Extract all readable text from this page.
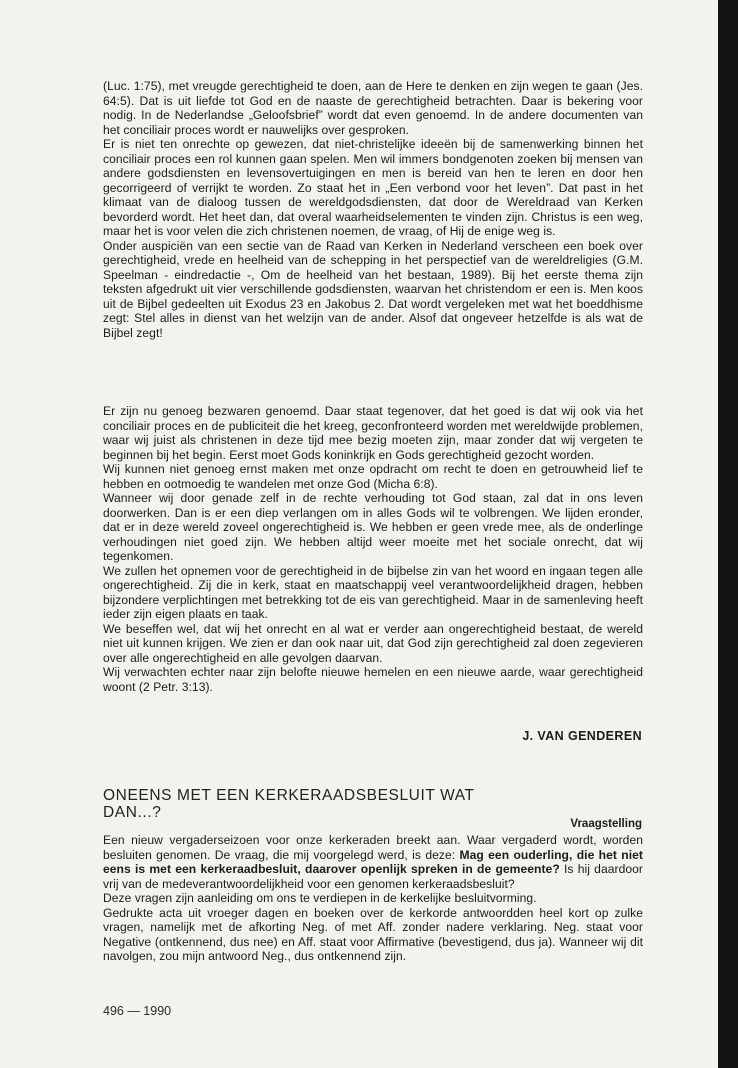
(Luc. 1:75), met vreugde gerechtigheid te doen, aan de Here te denken en zijn wegen te gaan (Jes. 64:5). Dat is uit liefde tot God en de naaste de gerechtigheid betrachten. Daar is bekering voor nodig. In de Nederlandse „Geloofsbrief” wordt dat even genoemd. In de andere documenten van het conciliair proces wordt er nauwelijks over gesproken.

Er is niet ten onrechte op gewezen, dat niet-christelijke ideeën bij de samenwerking binnen het conciliair proces een rol kunnen gaan spelen. Men wil immers bondgenoten zoeken bij mensen van andere godsdiensten en levensovertuigingen en men is bereid van hen te leren en door hen gecorrigeerd of verrijkt te worden. Zo staat het in „Een verbond voor het leven”. Dat past in het klimaat van de dialoog tussen de wereldgodsdiensten, dat door de Wereldraad van Kerken bevorderd wordt. Het heet dan, dat overal waarheidselementen te vinden zijn. Christus is een weg, maar het is voor velen die zich christenen noemen, de vraag, of Hij de enige weg is.

Onder auspiciën van een sectie van de Raad van Kerken in Nederland verscheen een boek over gerechtigheid, vrede en heelheid van de schepping in het perspectief van de wereldreligies (G.M. Speelman - eindredactie -, Om de heelheid van het bestaan, 1989). Bij het eerste thema zijn teksten afgedrukt uit vier verschillende godsdiensten, waarvan het christendom er een is. Men koos uit de Bijbel gedeelten uit Exodus 23 en Jakobus 2. Dat wordt vergeleken met wat het boeddhisme zegt: Stel alles in dienst van het welzijn van de ander. Alsof dat ongeveer hetzelfde is als wat de Bijbel zegt!

Er zijn nu genoeg bezwaren genoemd. Daar staat tegenover, dat het goed is dat wij ook via het conciliair proces en de publiciteit die het kreeg, geconfronteerd worden met wereldwijde problemen, waar wij juist als christenen in deze tijd mee bezig moeten zijn, maar zonder dat wij vergeten te beginnen bij het begin. Eerst moet Gods koninkrijk en Gods gerechtigheid gezocht worden.

Wij kunnen niet genoeg ernst maken met onze opdracht om recht te doen en getrouwheid lief te hebben en ootmoedig te wandelen met onze God (Micha 6:8).

Wanneer wij door genade zelf in de rechte verhouding tot God staan, zal dat in ons leven doorwerken. Dan is er een diep verlangen om in alles Gods wil te volbrengen. We lijden eronder, dat er in deze wereld zoveel ongerechtigheid is. We hebben er geen vrede mee, als de onderlinge verhoudingen niet goed zijn. We hebben altijd weer moeite met het sociale onrecht, dat wij tegenkomen.

We zullen het opnemen voor de gerechtigheid in de bijbelse zin van het woord en ingaan tegen alle ongerechtigheid. Zij die in kerk, staat en maatschappij veel verantwoordelijkheid dragen, hebben bijzondere verplichtingen met betrekking tot de eis van gerechtigheid. Maar in de samenleving heeft ieder zijn eigen plaats en taak.

We beseffen wel, dat wij het onrecht en al wat er verder aan ongerechtigheid bestaat, de wereld niet uit kunnen krijgen. We zien er dan ook naar uit, dat God zijn gerechtigheid zal doen zegevieren over alle ongerechtigheid en alle gevolgen daarvan.

Wij verwachten echter naar zijn belofte nieuwe hemelen en een nieuwe aarde, waar gerechtigheid woont (2 Petr. 3:13).

J. VAN GENDEREN
ONEENS MET EEN KERKERAADSBESLUIT WAT DAN...?
Vraagstelling

Een nieuw vergaderseizoen voor onze kerkeraden breekt aan. Waar vergaderd wordt, worden besluiten genomen. De vraag, die mij voorgelegd werd, is deze: Mag een ouderling, die het niet eens is met een kerkeraadbesluit, daarover openlijk spreken in de gemeente? Is hij daardoor vrij van de medeverantwoordelijkheid voor een genomen kerkeraadsbesluit?

Deze vragen zijn aanleiding om ons te verdiepen in de kerkelijke besluitvorming.

Gedrukte acta uit vroeger dagen en boeken over de kerkorde antwoordden heel kort op zulke vragen, namelijk met de afkorting Neg. of met Aff. zonder nadere verklaring. Neg. staat voor Negative (ontkennend, dus nee) en Aff. staat voor Affirmative (bevestigend, dus ja). Wanneer wij dit navolgen, zou mijn antwoord Neg., dus ontkennend zijn.

496 — 1990
